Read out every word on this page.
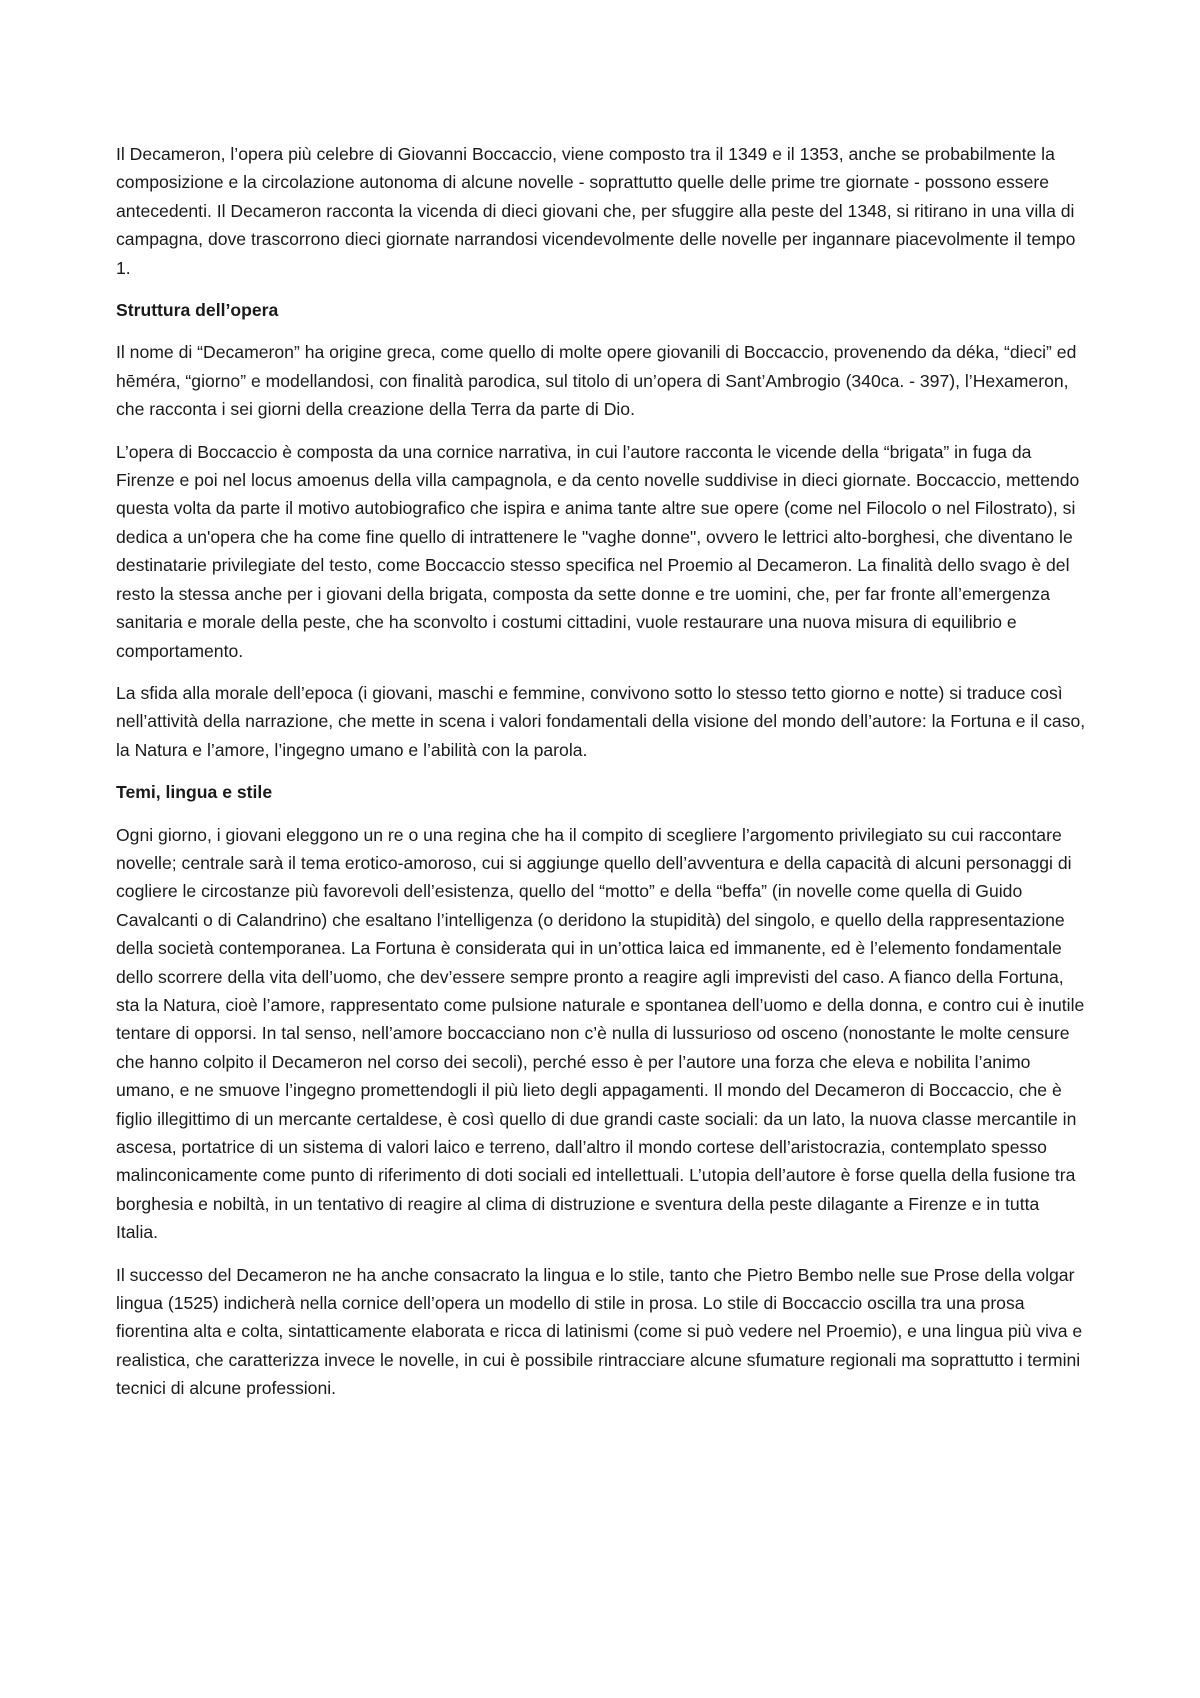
Il Decameron, l’opera più celebre di Giovanni Boccaccio, viene composto tra il 1349 e il 1353, anche se probabilmente la composizione e la circolazione autonoma di alcune novelle - soprattutto quelle delle prime tre giornate - possono essere antecedenti. Il Decameron racconta la vicenda di dieci giovani che, per sfuggire alla peste del 1348, si ritirano in una villa di campagna, dove trascorrono dieci giornate narrandosi vicendevolmente delle novelle per ingannare piacevolmente il tempo 1.

Struttura dell’opera

Il nome di “Decameron” ha origine greca, come quello di molte opere giovanili di Boccaccio, provenendo da déka, “dieci” ed hēméra, “giorno” e modellandosi, con finalità parodica, sul titolo di un’opera di Sant’Ambrogio (340ca. - 397), l’Hexameron, che racconta i sei giorni della creazione della Terra da parte di Dio.

L’opera di Boccaccio è composta da una cornice narrativa, in cui l’autore racconta le vicende della “brigata” in fuga da Firenze e poi nel locus amoenus della villa campagnola, e da cento novelle suddivise in dieci giornate. Boccaccio, mettendo questa volta da parte il motivo autobiografico che ispira e anima tante altre sue opere (come nel Filocolo o nel Filostrato), si dedica a un'opera che ha come fine quello di intrattenere le "vaghe donne", ovvero le lettrici alto-borghesi, che diventano le destinatarie privilegiate del testo, come Boccaccio stesso specifica nel Proemio al Decameron. La finalità dello svago è del resto la stessa anche per i giovani della brigata, composta da sette donne e tre uomini, che, per far fronte all’emergenza sanitaria e morale della peste, che ha sconvolto i costumi cittadini, vuole restaurare una nuova misura di equilibrio e comportamento.

La sfida alla morale dell’epoca (i giovani, maschi e femmine, convivono sotto lo stesso tetto giorno e notte) si traduce così nell’attività della narrazione, che mette in scena i valori fondamentali della visione del mondo dell’autore: la Fortuna e il caso, la Natura e l’amore, l’ingegno umano e l’abilità con la parola.

Temi, lingua e stile

Ogni giorno, i giovani eleggono un re o una regina che ha il compito di scegliere l’argomento privilegiato su cui raccontare novelle; centrale sarà il tema erotico-amoroso, cui si aggiunge quello dell’avventura e della capacità di alcuni personaggi di cogliere le circostanze più favorevoli dell’esistenza, quello del “motto” e della “beffa” (in novelle come quella di Guido Cavalcanti o di Calandrino) che esaltano l’intelligenza (o deridono la stupidità) del singolo, e quello della rappresentazione della società contemporanea. La Fortuna è considerata qui in un’ottica laica ed immanente, ed è l’elemento fondamentale dello scorrere della vita dell’uomo, che dev’essere sempre pronto a reagire agli imprevisti del caso. A fianco della Fortuna, sta la Natura, cioè l’amore, rappresentato come pulsione naturale e spontanea dell’uomo e della donna, e contro cui è inutile tentare di opporsi. In tal senso, nell’amore boccacciano non c’è nulla di lussurioso od osceno (nonostante le molte censure che hanno colpito il Decameron nel corso dei secoli), perché esso è per l’autore una forza che eleva e nobilita l’animo umano, e ne smuove l’ingegno promettendogli il più lieto degli appagamenti. Il mondo del Decameron di Boccaccio, che è figlio illegittimo di un mercante certaldese, è così quello di due grandi caste sociali: da un lato, la nuova classe mercantile in ascesa, portatrice di un sistema di valori laico e terreno, dall’altro il mondo cortese dell’aristocrazia, contemplato spesso malinconicamente come punto di riferimento di doti sociali ed intellettuali. L’utopia dell’autore è forse quella della fusione tra borghesia e nobiltà, in un tentativo di reagire al clima di distruzione e sventura della peste dilagante a Firenze e in tutta Italia.

Il successo del Decameron ne ha anche consacrato la lingua e lo stile, tanto che Pietro Bembo nelle sue Prose della volgar lingua (1525) indicherà nella cornice dell’opera un modello di stile in prosa. Lo stile di Boccaccio oscilla tra una prosa fiorentina alta e colta, sintatticamente elaborata e ricca di latinismi (come si può vedere nel Proemio), e una lingua più viva e realistica, che caratterizza invece le novelle, in cui è possibile rintracciare alcune sfumature regionali ma soprattutto i termini tecnici di alcune professioni.
